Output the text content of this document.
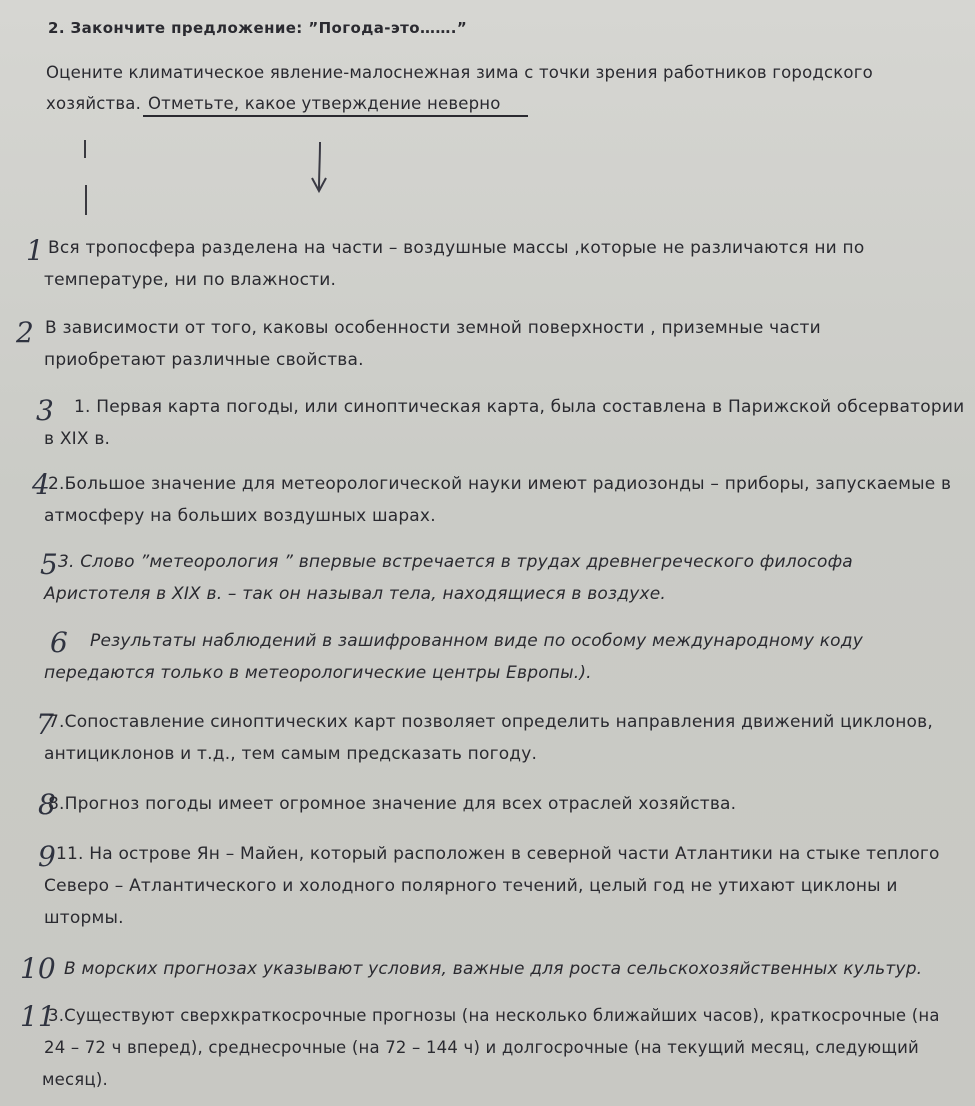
2. Закончите предложение: ”Погода-это…….”
Оцените климатическое явление-малоснежная зима с точки зрения работников городского
хозяйства. Отметьте, какое утверждение неверно
1 Вся тропосфера разделена на части – воздушные массы ,которые не различаются ни по
температуре, ни по влажности.
2 В зависимости от того, каковы особенности земной поверхности , приземные части
приобретают различные свойства.
3 1. Первая карта погоды, или синоптическая карта, была составлена в Парижской обсерватории
в XIX в.
4
2.Большое значение для метеорологической науки имеют радиозонды – приборы, запускаемые в
атмосферу на больших воздушных шарах.
5 3. Слово ”метеорология ” впервые встречается в трудах древнегреческого философа
Аристотеля в XIX в. – так он называл тела, находящиеся в воздухе.
6 Результаты наблюдений в зашифрованном виде по особому международному коду
передаются только в метеорологические центры Европы.).
7
7.Сопоставление синоптических карт позволяет определить направления движений циклонов,
антициклонов и т.д., тем самым предсказать погоду.
8
8.Прогноз погоды имеет огромное значение для всех отраслей хозяйства.
9 11. На острове Ян – Майен, который расположен в северной части Атлантики на стыке теплого
Северо – Атлантического и холодного полярного течений, целый год не утихают циклоны и
штормы.
10 В морских прогнозах указывают условия, важные для роста сельскохозяйственных культур.
11
3.Существуют сверхкраткосрочные прогнозы (на несколько ближайших часов), краткосрочные (на
24 – 72 ч вперед), среднесрочные (на 72 – 144 ч) и долгосрочные (на текущий месяц, следующий
месяц).
